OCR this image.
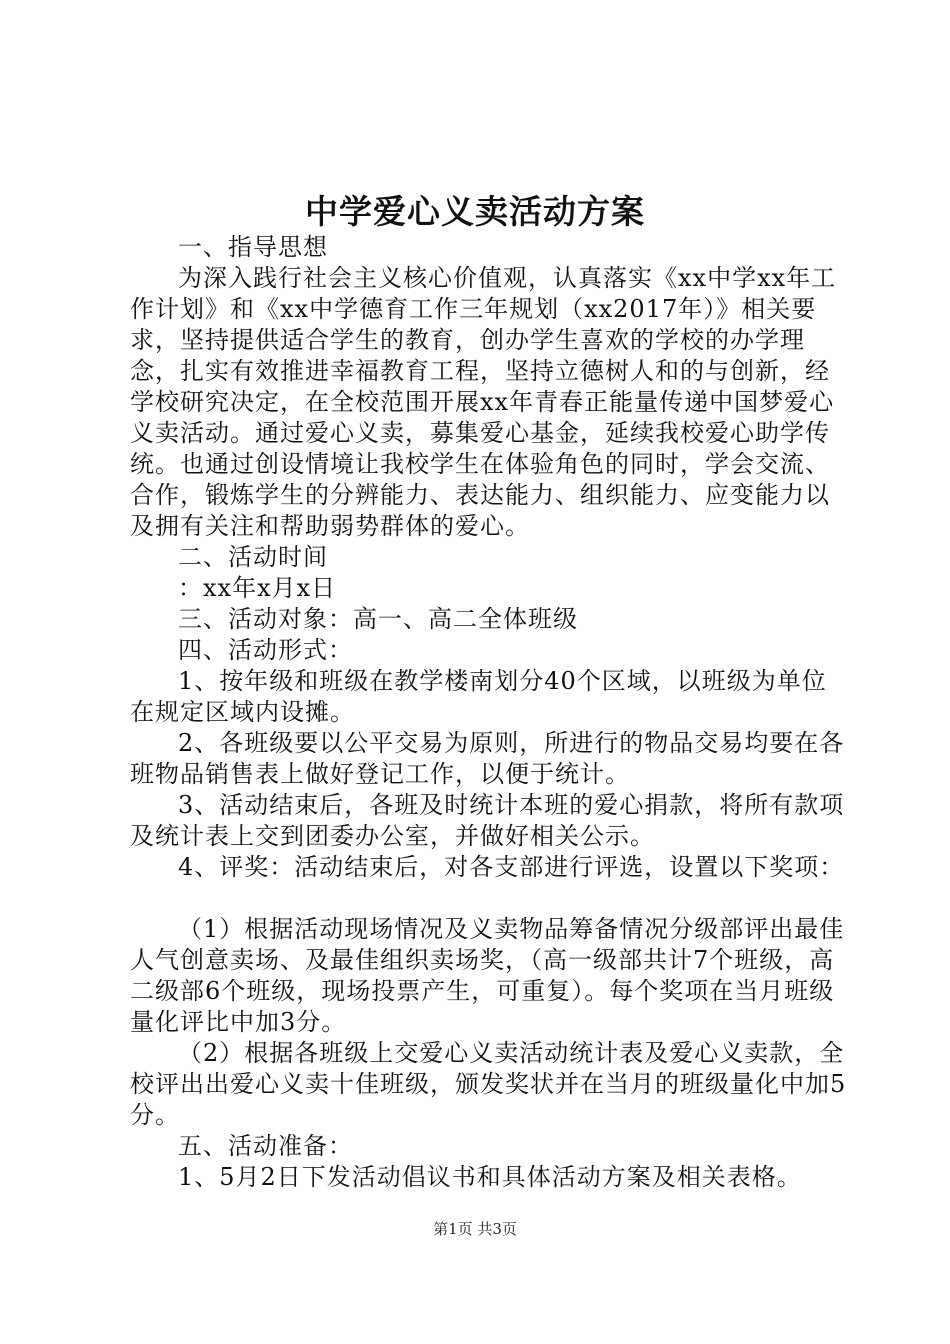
中学爱心义卖活动方案

一、指导思想

为深入践行社会主义核心价值观，认真落实《xx中学xx年工作计划》和《xx中学德育工作三年规划（xx2017年）》相关要求，坚持提供适合学生的教育，创办学生喜欢的学校的办学理念，扎实有效推进幸福教育工程，坚持立德树人和的与创新，经学校研究决定，在全校范围开展xx年青春正能量传递中国梦爱心义卖活动。通过爱心义卖，募集爱心基金，延续我校爱心助学传统。也通过创设情境让我校学生在体验角色的同时，学会交流、合作，锻炼学生的分辨能力、表达能力、组织能力、应变能力以及拥有关注和帮助弱势群体的爱心。

二、活动时间

：xx年x月x日

三、活动对象：高一、高二全体班级

四、活动形式：

1、按年级和班级在教学楼南划分40个区域，以班级为单位在规定区域内设摊。

2、各班级要以公平交易为原则，所进行的物品交易均要在各班物品销售表上做好登记工作，以便于统计。

3、活动结束后，各班及时统计本班的爱心捐款，将所有款项及统计表上交到团委办公室，并做好相关公示。

4、评奖：活动结束后，对各支部进行评选，设置以下奖项：

（1）根据活动现场情况及义卖物品筹备情况分级部评出最佳人气创意卖场、及最佳组织卖场奖，（高一级部共计7个班级，高二级部6个班级，现场投票产生，可重复）。每个奖项在当月班级量化评比中加3分。

（2）根据各班级上交爱心义卖活动统计表及爱心义卖款，全校评出出爱心义卖十佳班级，颁发奖状并在当月的班级量化中加5分。

五、活动准备：

1、5月2日下发活动倡议书和具体活动方案及相关表格。

第1页 共3页
